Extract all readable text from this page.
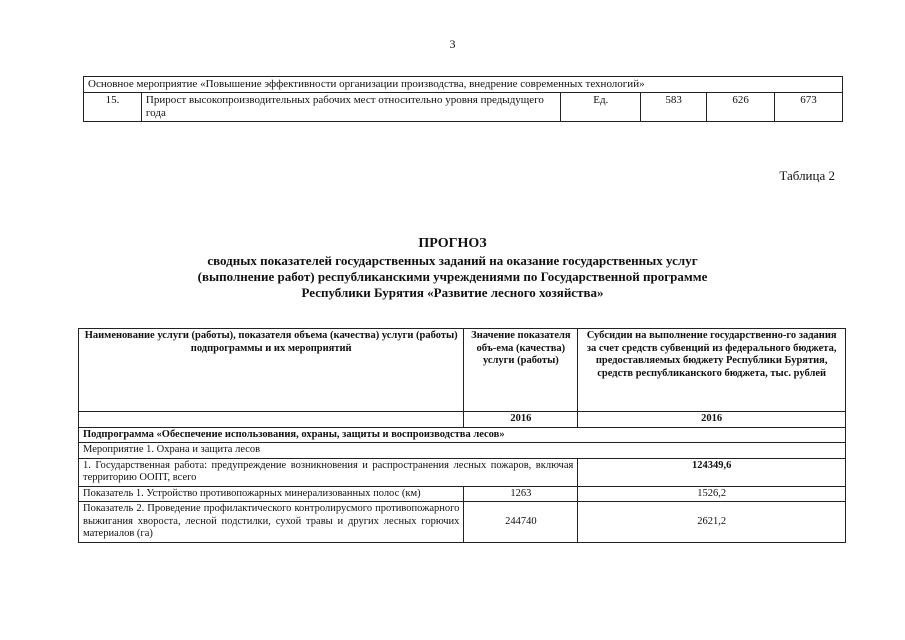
3
Основное мероприятие «Повышение эффективности организации производства, внедрение современных технологий»
15.	Прирост высокопроизводительных рабочих мест относительно уровня предыдущего года	Ед.	583	626	673
Таблица 2
ПРОГНОЗ
сводных показателей государственных заданий на оказание государственных услуг
(выполнение работ) республиканскими учреждениями по Государственной программе
Республики Бурятия «Развитие лесного хозяйства»
Наименование услуги (работы), показателя объема (качества) услуги (работы) подпрограммы и их мероприятий	Значение показателя объ-ема (качества) услуги (работы)	Субсидии на выполнение государственно-го задания за счет средств субвенций из федерального бюджета, предоставляемых бюджету Республики Бурятия, средств республиканского бюджета, тыс. рублей
	2016	2016
Подпрограмма «Обеспечение использования, охраны, защиты и воспроизводства лесов»		
Мероприятие 1. Охрана и защита лесов		
1. Государственная работа: предупреждение возникновения и распространения лесных пожаров, включая территорию ООПТ, всего		124349,6
Показатель 1. Устройство противопожарных минерализованных полос (км)	1263	1526,2
Показатель 2. Проведение профилактического контролирусмого противопожарного выжигания хвороста, лесной подстилки, сухой травы и других лесных горючих материалов (га)	244740	2621,2
